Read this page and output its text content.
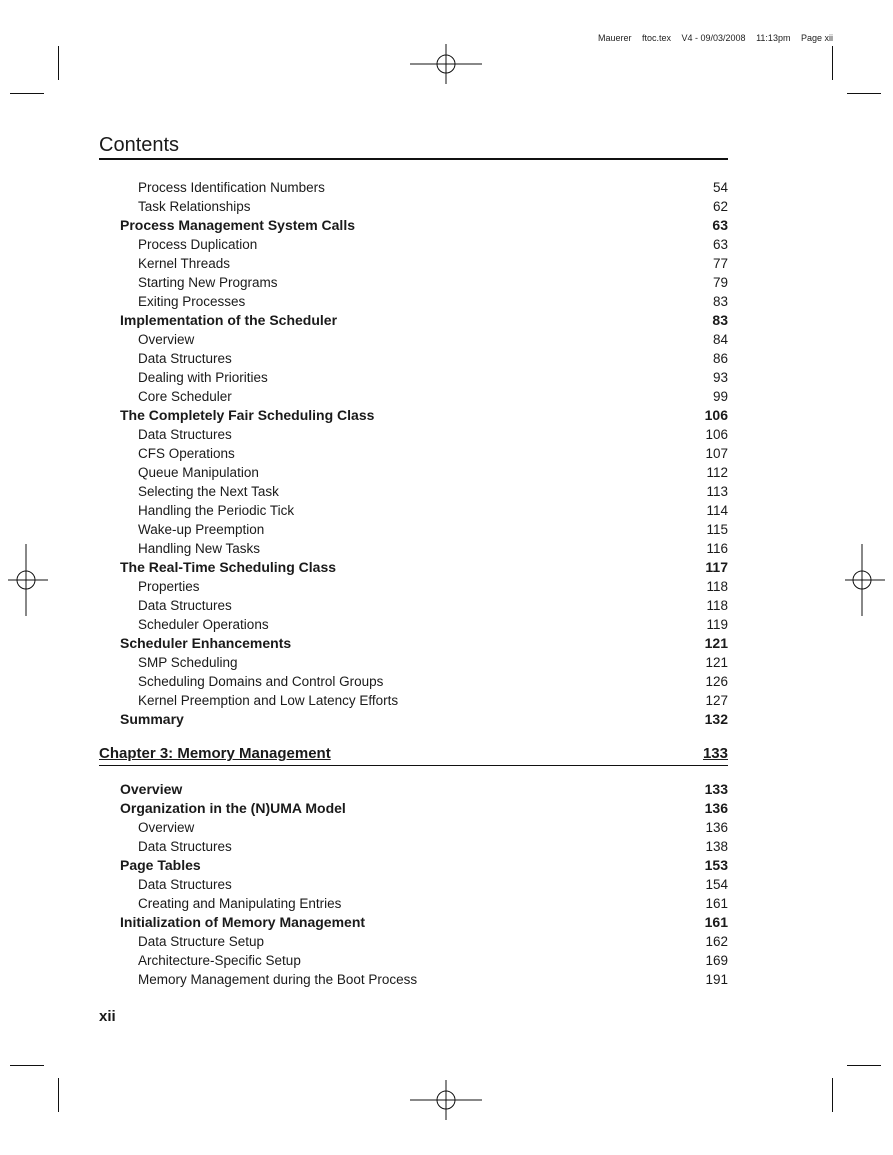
Mauerer ftoc.tex V4 - 09/03/2008 11:13pm Page xii
Contents
Process Identification Numbers	54
Task Relationships	62
Process Management System Calls	63
Process Duplication	63
Kernel Threads	77
Starting New Programs	79
Exiting Processes	83
Implementation of the Scheduler	83
Overview	84
Data Structures	86
Dealing with Priorities	93
Core Scheduler	99
The Completely Fair Scheduling Class	106
Data Structures	106
CFS Operations	107
Queue Manipulation	112
Selecting the Next Task	113
Handling the Periodic Tick	114
Wake-up Preemption	115
Handling New Tasks	116
The Real-Time Scheduling Class	117
Properties	118
Data Structures	118
Scheduler Operations	119
Scheduler Enhancements	121
SMP Scheduling	121
Scheduling Domains and Control Groups	126
Kernel Preemption and Low Latency Efforts	127
Summary	132
Chapter 3: Memory Management	133
Overview	133
Organization in the (N)UMA Model	136
Overview	136
Data Structures	138
Page Tables	153
Data Structures	154
Creating and Manipulating Entries	161
Initialization of Memory Management	161
Data Structure Setup	162
Architecture-Specific Setup	169
Memory Management during the Boot Process	191
xii
